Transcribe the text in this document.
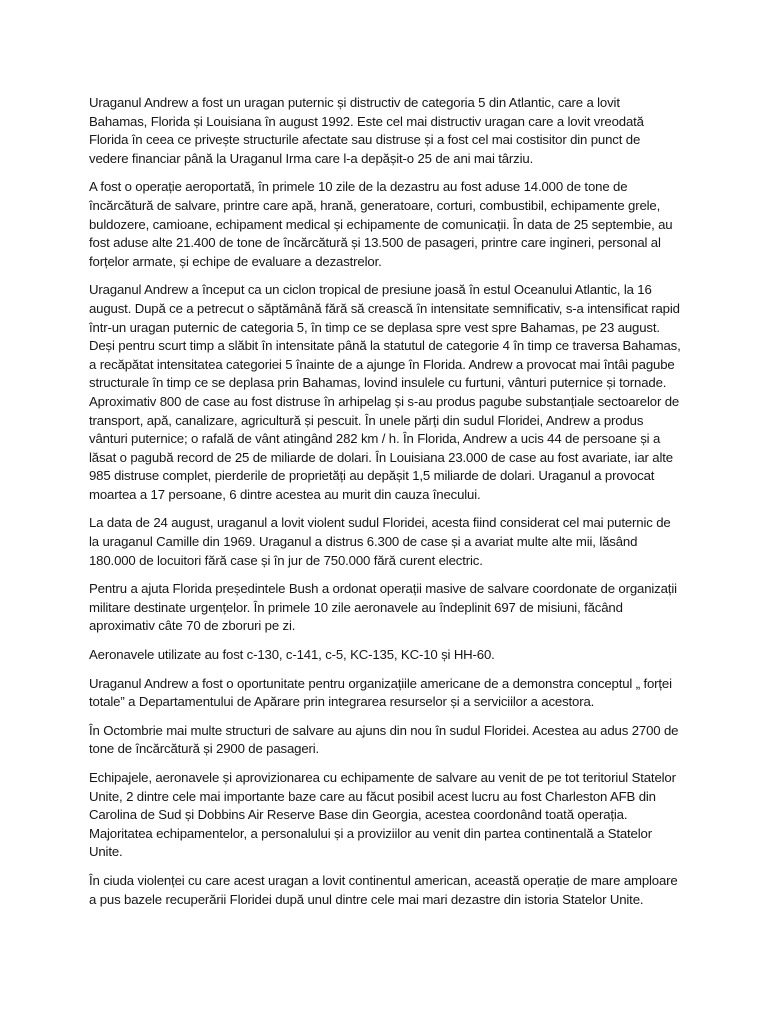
Uraganul Andrew a fost un uragan puternic și distructiv de categoria 5 din Atlantic, care a lovit Bahamas, Florida și Louisiana în august 1992. Este cel mai distructiv uragan care a lovit vreodată Florida în ceea ce privește structurile afectate sau distruse și a fost cel mai costisitor din punct de vedere financiar până la Uraganul Irma care l-a depășit-o 25 de ani mai târziu.

A fost o operație aeroportată, în primele 10 zile de la dezastru au fost aduse 14.000 de tone de încărcătură de salvare, printre care apă, hrană, generatoare, corturi, combustibil, echipamente grele, buldozere, camioane, echipament medical și echipamente de comunicații. În data de 25 septembie, au fost aduse alte 21.400 de tone de încărcătură și 13.500 de pasageri, printre care ingineri, personal al forțelor armate, și echipe de evaluare a dezastrelor.

Uraganul Andrew a început ca un ciclon tropical de presiune joasă în estul Oceanului Atlantic, la 16 august. După ce a petrecut o săptămână fără să crească în intensitate semnificativ, s-a intensificat rapid într-un uragan puternic de categoria 5, în timp ce se deplasa spre vest spre Bahamas, pe 23 august. Deși pentru scurt timp a slăbit în intensitate până la statutul de categorie 4 în timp ce traversa Bahamas, a recăpătat intensitatea categoriei 5 înainte de a ajunge în Florida. Andrew a provocat mai întâi pagube structurale în timp ce se deplasa prin Bahamas, lovind insulele cu furtuni, vânturi puternice și tornade. Aproximativ 800 de case au fost distruse în arhipelag și s-au produs pagube substanțiale sectoarelor de transport, apă, canalizare, agricultură și pescuit. În unele părți din sudul Floridei, Andrew a produs vânturi puternice; o rafală de vânt atingând 282 km / h. În Florida, Andrew a ucis 44 de persoane și a lăsat o pagubă record de 25 de miliarde de dolari. În Louisiana 23.000 de case au fost avariate, iar alte 985 distruse complet, pierderile de proprietăți au depășit 1,5 miliarde de dolari. Uraganul a provocat moartea a 17 persoane, 6 dintre acestea au murit din cauza înecului.

La data de 24 august, uraganul a lovit violent sudul Floridei, acesta fiind considerat cel mai puternic de la uraganul Camille din 1969. Uraganul a distrus 6.300 de case și a avariat multe alte mii, lăsând 180.000 de locuitori fără case și în jur de 750.000 fără curent electric.

Pentru a ajuta Florida președintele Bush a ordonat operații masive de salvare coordonate de organizații militare destinate urgențelor. În primele 10 zile aeronavele au îndeplinit 697 de misiuni, făcând aproximativ câte 70 de zboruri pe zi.

Aeronavele utilizate au fost c-130, c-141, c-5, KC-135, KC-10 și HH-60.

Uraganul Andrew a fost o oportunitate pentru organizațiile americane de a demonstra conceptul „ forței totale” a Departamentului de Apărare prin integrarea resurselor și a serviciilor a acestora.

În Octombrie mai multe structuri de salvare au ajuns din nou în sudul Floridei. Acestea au adus 2700 de tone de încărcătură și 2900 de pasageri.

Echipajele, aeronavele și aprovizionarea cu echipamente de salvare au venit de pe tot teritoriul Statelor Unite, 2 dintre cele mai importante baze care au făcut posibil acest lucru au fost Charleston AFB din Carolina de Sud și Dobbins Air Reserve Base din Georgia, acestea coordonând toată operația. Majoritatea echipamentelor, a personalului și a proviziilor au venit din partea continentală a Statelor Unite.

În ciuda violenței cu care acest uragan a lovit continentul american, această operație de mare amploare a pus bazele recuperării Floridei după unul dintre cele mai mari dezastre din istoria Statelor Unite.
